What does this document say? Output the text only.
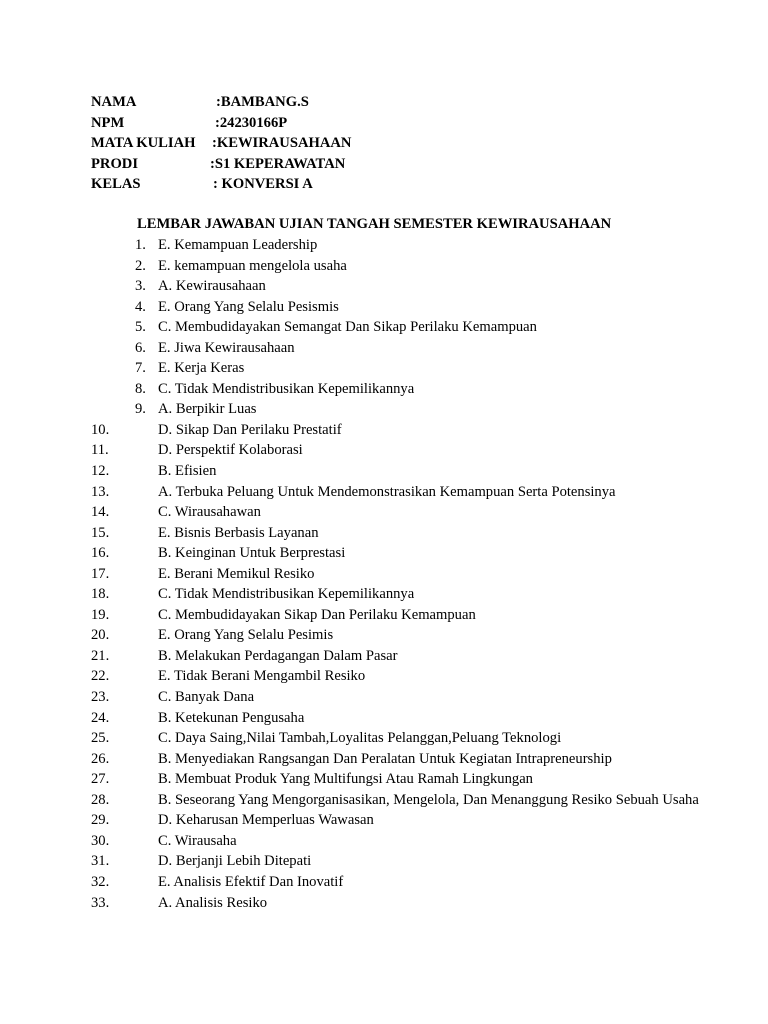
NAMA	:BAMBANG.S
NPM	:24230166P
MATA KULIAH :KEWIRAUSAHAAN
PRODI	:S1 KEPERAWATAN
KELAS	: KONVERSI A
LEMBAR JAWABAN UJIAN TANGAH SEMESTER KEWIRAUSAHAAN
1. E. Kemampuan Leadership
2. E. kemampuan mengelola usaha
3. A. Kewirausahaan
4. E. Orang Yang Selalu Pesismis
5. C. Membudidayakan Semangat Dan Sikap Perilaku Kemampuan
6. E. Jiwa Kewirausahaan
7. E. Kerja Keras
8. C. Tidak Mendistribusikan Kepemilikannya
9. A. Berpikir Luas
10.	D. Sikap Dan Perilaku Prestatif
11.	D. Perspektif Kolaborasi
12.	B. Efisien
13.	A. Terbuka Peluang Untuk Mendemonstrasikan Kemampuan Serta Potensinya
14.	C. Wirausahawan
15.	E. Bisnis Berbasis Layanan
16.	B. Keinginan Untuk Berprestasi
17.	E. Berani Memikul Resiko
18.	C. Tidak Mendistribusikan Kepemilikannya
19.	C. Membudidayakan Sikap Dan Perilaku Kemampuan
20.	E. Orang Yang Selalu Pesimis
21.	B. Melakukan Perdagangan Dalam Pasar
22.	E. Tidak Berani Mengambil Resiko
23.	C. Banyak Dana
24.	B. Ketekunan Pengusaha
25.	C. Daya Saing,Nilai Tambah,Loyalitas Pelanggan,Peluang Teknologi
26.	B. Menyediakan Rangsangan Dan Peralatan Untuk Kegiatan Intrapreneurship
27.	B. Membuat Produk Yang Multifungsi Atau Ramah Lingkungan
28.	B. Seseorang Yang Mengorganisasikan, Mengelola, Dan Menanggung Resiko Sebuah Usaha
29.	D. Keharusan Memperluas Wawasan
30.	C. Wirausaha
31.	D. Berjanji Lebih Ditepati
32.	E. Analisis Efektif Dan Inovatif
33.	A. Analisis Resiko
